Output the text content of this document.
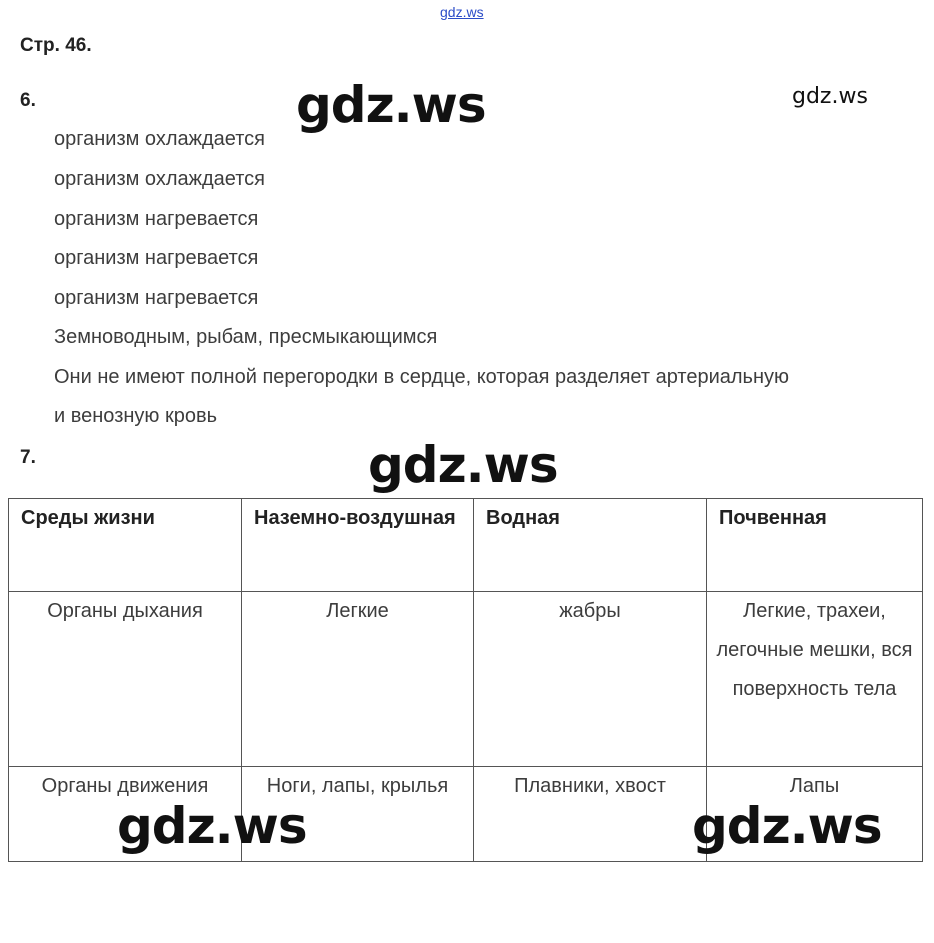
gdz.ws
Стр. 46.
6.
организм охлаждается
организм охлаждается
организм нагревается
организм нагревается
организм нагревается
Земноводным, рыбам, пресмыкающимся
Они не имеют полной перегородки в сердце, которая разделяет артериальную
и венозную кровь
7.
Среды жизни	Наземно-воздушная	Водная	Почвенная
Органы дыхания	Легкие	жабры	Легкие, трахеи, легочные мешки, вся поверхность тела
Органы движения	Ноги, лапы, крылья	Плавники, хвост	Лапы
gdz.ws	gdz.ws
gdz.ws
gdz.ws	gdz.ws
